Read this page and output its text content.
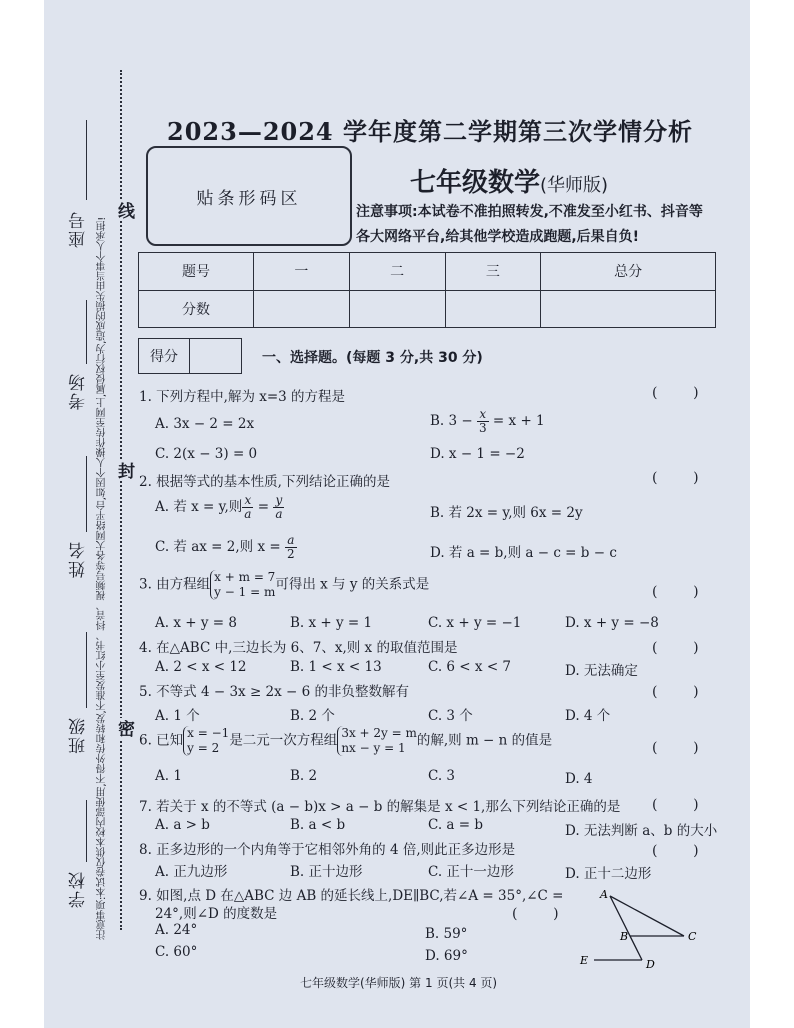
线
封
密
座号
考场
姓名
班级
学校 注意事项:本试卷仅供本校内部使用,不得外传和转发,不准发至小红书、抖音、视频号等各大网络平台,如因个人操作传至网上,属侵权行为,造成的损失由当事个人承担!
2023—2024 学年度第二学期第三次学情分析
贴条形码区
七年级数学(华师版)
注意事项:本试卷不准拍照转发,不准发至小红书、抖音等各大网络平台,给其他学校造成跑题,后果自负!
题号	一	二	三	总分
分数				
得分	一、选择题。(每题 3 分,共 30 分)
1. 下列方程中,解为 x=3 的方程是	(        )
A. 3x − 2 = 2x	B. $3 - \frac{x}{3} = x + 1$
C. 2(x − 3) = 0	D. x − 1 = −2
2. 根据等式的基本性质,下列结论正确的是	(        )
A. 若 x = y,则 $\frac{x}{a} = \frac{y}{a}$	B. 若 2x = y,则 6x = 2y
C. 若 ax = 2,则 $x = \frac{a}{2}$	D. 若 a = b,则 a − c = b − c
3. 由方程组 x + m = 7
y − 1 = m 可得出 x 与 y 的关系式是	(        )
A. x + y = 8	B. x + y = 1	C. x + y = −1	D. x + y = −8
4. 在△ABC 中,三边长为 6、7、x,则 x 的取值范围是	(        )
A. 2 < x < 12	B. 1 < x < 13	C. 6 < x < 7	D. 无法确定
5. 不等式 4 − 3x ≥ 2x − 6 的非负整数解有	(        )
A. 1 个	B. 2 个	C. 3 个	D. 4 个
6. 已知 x = −1
y = 2 是二元一次方程组 3x + 2y = m
nx − y = 1 的解,则 m − n 的值是	(        )
A. 1	B. 2	C. 3	D. 4
7. 若关于 x 的不等式 (a − b)x > a − b 的解集是 x < 1,那么下列结论正确的是 (        )
A. a > b	B. a < b	C. a = b	D. 无法判断 a、b 的大小
8. 正多边形的一个内角等于它相邻外角的 4 倍,则此正多边形是	(        )
A. 正九边形	B. 正十边形	C. 正十一边形	D. 正十二边形
9. 如图,点 D 在△ABC 边 AB 的延长线上,DE∥BC,若∠A = 35°,∠C =
24°,则∠D 的度数是	(        )
A. 24°	B. 59°
C. 60°	D. 69°
A
B	C
D
E
七年级数学(华师版) 第 1 页(共 4 页)
